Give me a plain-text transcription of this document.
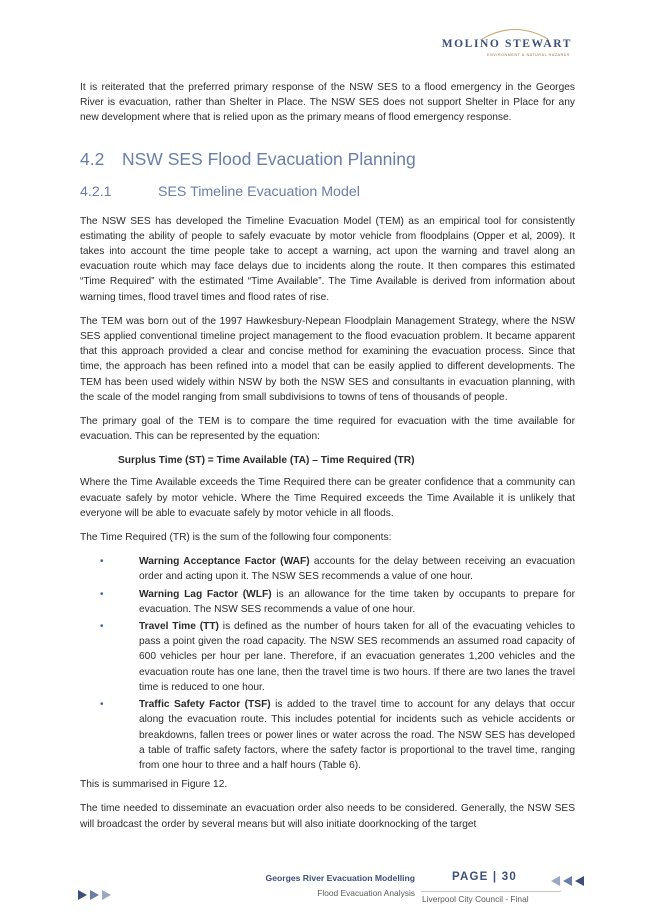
MOLINO STEWART
ENVIRONMENT & NATURAL HAZARDS

It is reiterated that the preferred primary response of the NSW SES to a flood emergency in the Georges River is evacuation, rather than Shelter in Place. The NSW SES does not support Shelter in Place for any new development where that is relied upon as the primary means of flood emergency response.

4.2	NSW SES Flood Evacuation Planning
4.2.1	SES Timeline Evacuation Model

The NSW SES has developed the Timeline Evacuation Model (TEM) as an empirical tool for consistently estimating the ability of people to safely evacuate by motor vehicle from floodplains (Opper et al, 2009). It takes into account the time people take to accept a warning, act upon the warning and travel along an evacuation route which may face delays due to incidents along the route. It then compares this estimated “Time Required” with the estimated “Time Available”. The Time Available is derived from information about warning times, flood travel times and flood rates of rise.

The TEM was born out of the 1997 Hawkesbury-Nepean Floodplain Management Strategy, where the NSW SES applied conventional timeline project management to the flood evacuation problem. It became apparent that this approach provided a clear and concise method for examining the evacuation process. Since that time, the approach has been refined into a model that can be easily applied to different developments. The TEM has been used widely within NSW by both the NSW SES and consultants in evacuation planning, with the scale of the model ranging from small subdivisions to towns of tens of thousands of people.

The primary goal of the TEM is to compare the time required for evacuation with the time available for evacuation. This can be represented by the equation:

Surplus Time (ST) = Time Available (TA) – Time Required (TR)

Where the Time Available exceeds the Time Required there can be greater confidence that a community can evacuate safely by motor vehicle. Where the Time Required exceeds the Time Available it is unlikely that everyone will be able to evacuate safely by motor vehicle in all floods.

The Time Required (TR) is the sum of the following four components:

•	Warning Acceptance Factor (WAF) accounts for the delay between receiving an evacuation order and acting upon it. The NSW SES recommends a value of one hour.
•	Warning Lag Factor (WLF) is an allowance for the time taken by occupants to prepare for evacuation. The NSW SES recommends a value of one hour.
•	Travel Time (TT) is defined as the number of hours taken for all of the evacuating vehicles to pass a point given the road capacity. The NSW SES recommends an assumed road capacity of 600 vehicles per hour per lane. Therefore, if an evacuation generates 1,200 vehicles and the evacuation route has one lane, then the travel time is two hours. If there are two lanes the travel time is reduced to one hour.
•	Traffic Safety Factor (TSF) is added to the travel time to account for any delays that occur along the evacuation route. This includes potential for incidents such as vehicle accidents or breakdowns, fallen trees or power lines or water across the road. The NSW SES has developed a table of traffic safety factors, where the safety factor is proportional to the travel time, ranging from one hour to three and a half hours (Table 6).

This is summarised in Figure 12.

The time needed to disseminate an evacuation order also needs to be considered. Generally, the NSW SES will broadcast the order by several means but will also initiate doorknocking of the target

Georges River Evacuation Modelling	PAGE | 30
Flood Evacuation Analysis
Liverpool City Council - Final
